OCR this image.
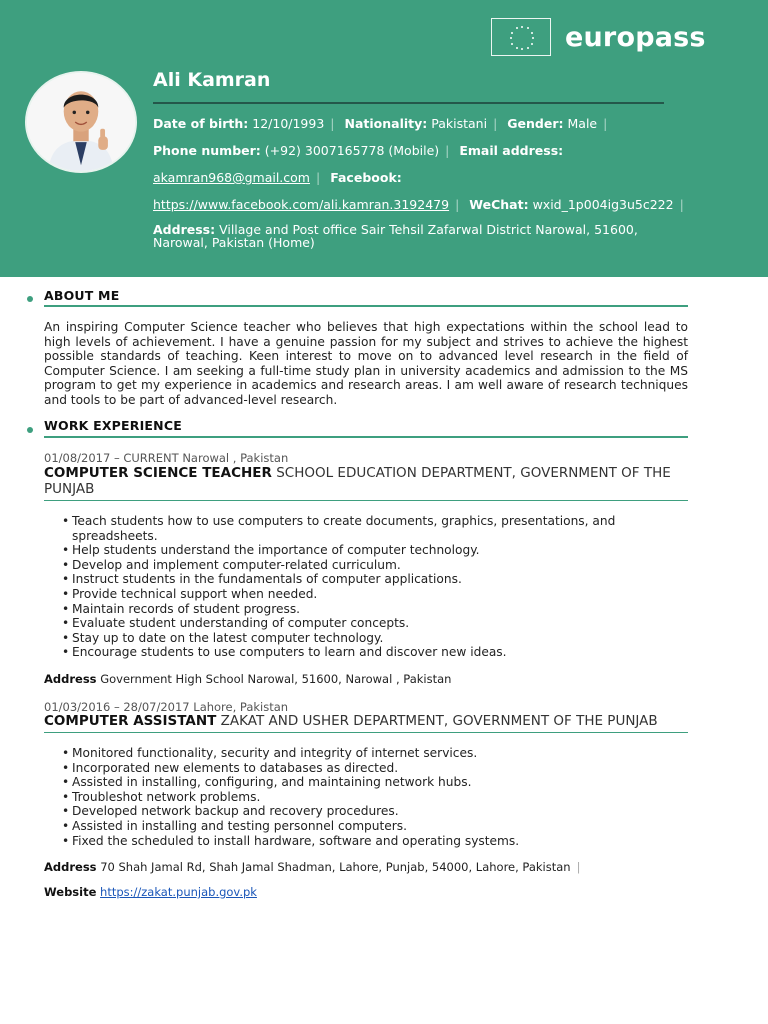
europass
Ali Kamran
Date of birth: 12/10/1993 | Nationality: Pakistani | Gender: Male |
Phone number: (+92) 3007165778 (Mobile) | Email address:
akamran968@gmail.com | Facebook:
https://www.facebook.com/ali.kamran.3192479 | WeChat: wxid_1p004ig3u5c222 |
Address: Village and Post office Sair Tehsil Zafarwal District Narowal, 51600,
Narowal, Pakistan (Home)
ABOUT ME

An inspiring Computer Science teacher who believes that high expectations within the school lead to high levels of achievement. I have a genuine passion for my subject and strives to achieve the highest possible standards of teaching. Keen interest to move on to advanced level research in the field of Computer Science. I am seeking a full-time study plan in university academics and admission to the MS program to get my experience in academics and research areas. I am well aware of research techniques and tools to be part of advanced-level research.

WORK EXPERIENCE
01/08/2017 – CURRENT Narowal , Pakistan
COMPUTER SCIENCE TEACHER SCHOOL EDUCATION DEPARTMENT, GOVERNMENT OF THE PUNJAB
• Teach students how to use computers to create documents, graphics, presentations, and spreadsheets.
• Help students understand the importance of computer technology.
• Develop and implement computer-related curriculum.
• Instruct students in the fundamentals of computer applications.
• Provide technical support when needed.
• Maintain records of student progress.
• Evaluate student understanding of computer concepts.
• Stay up to date on the latest computer technology.
• Encourage students to use computers to learn and discover new ideas.
Address Government High School Narowal, 51600, Narowal , Pakistan
01/03/2016 – 28/07/2017 Lahore, Pakistan
COMPUTER ASSISTANT ZAKAT AND USHER DEPARTMENT, GOVERNMENT OF THE PUNJAB
• Monitored functionality, security and integrity of internet services.
• Incorporated new elements to databases as directed.
• Assisted in installing, configuring, and maintaining network hubs.
• Troubleshot network problems.
• Developed network backup and recovery procedures.
• Assisted in installing and testing personnel computers.
• Fixed the scheduled to install hardware, software and operating systems.
Address 70 Shah Jamal Rd, Shah Jamal Shadman, Lahore, Punjab, 54000, Lahore, Pakistan |
Website https://zakat.punjab.gov.pk
